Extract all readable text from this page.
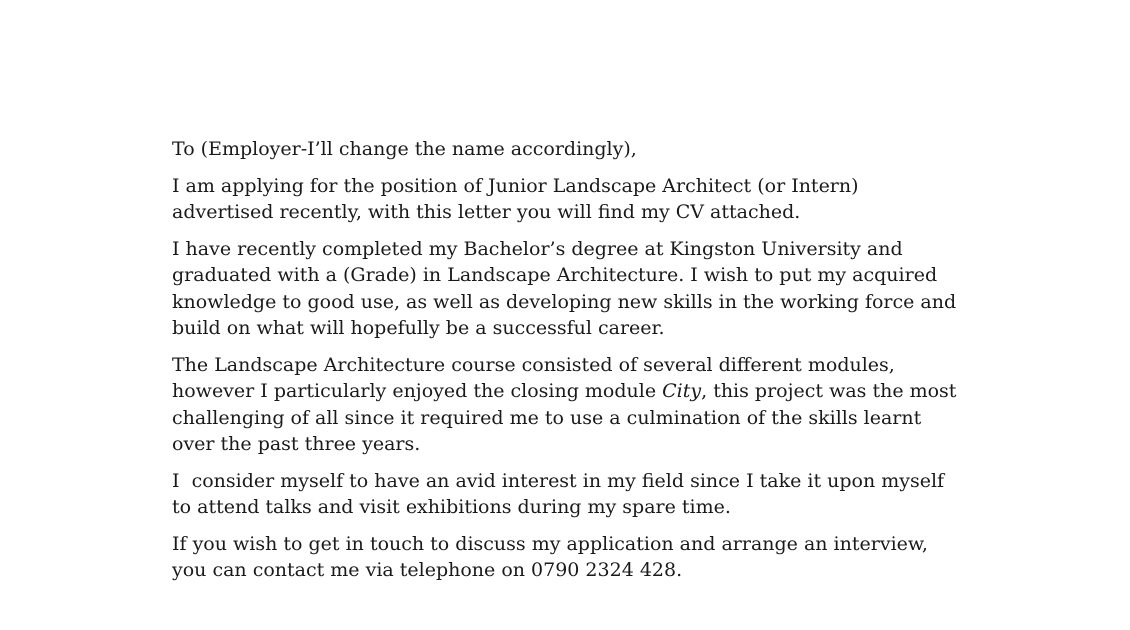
To (Employer-I’ll change the name accordingly),
I am applying for the position of Junior Landscape Architect (or Intern)
advertised recently, with this letter you will find my CV attached.
I have recently completed my Bachelor’s degree at Kingston University and
graduated with a (Grade) in Landscape Architecture. I wish to put my acquired
knowledge to good use, as well as developing new skills in the working force and
build on what will hopefully be a successful career.
The Landscape Architecture course consisted of several different modules,
however I particularly enjoyed the closing module City, this project was the most
challenging of all since it required me to use a culmination of the skills learnt
over the past three years.
I  consider myself to have an avid interest in my field since I take it upon myself
to attend talks and visit exhibitions during my spare time.
If you wish to get in touch to discuss my application and arrange an interview,
you can contact me via telephone on 0790 2324 428.
